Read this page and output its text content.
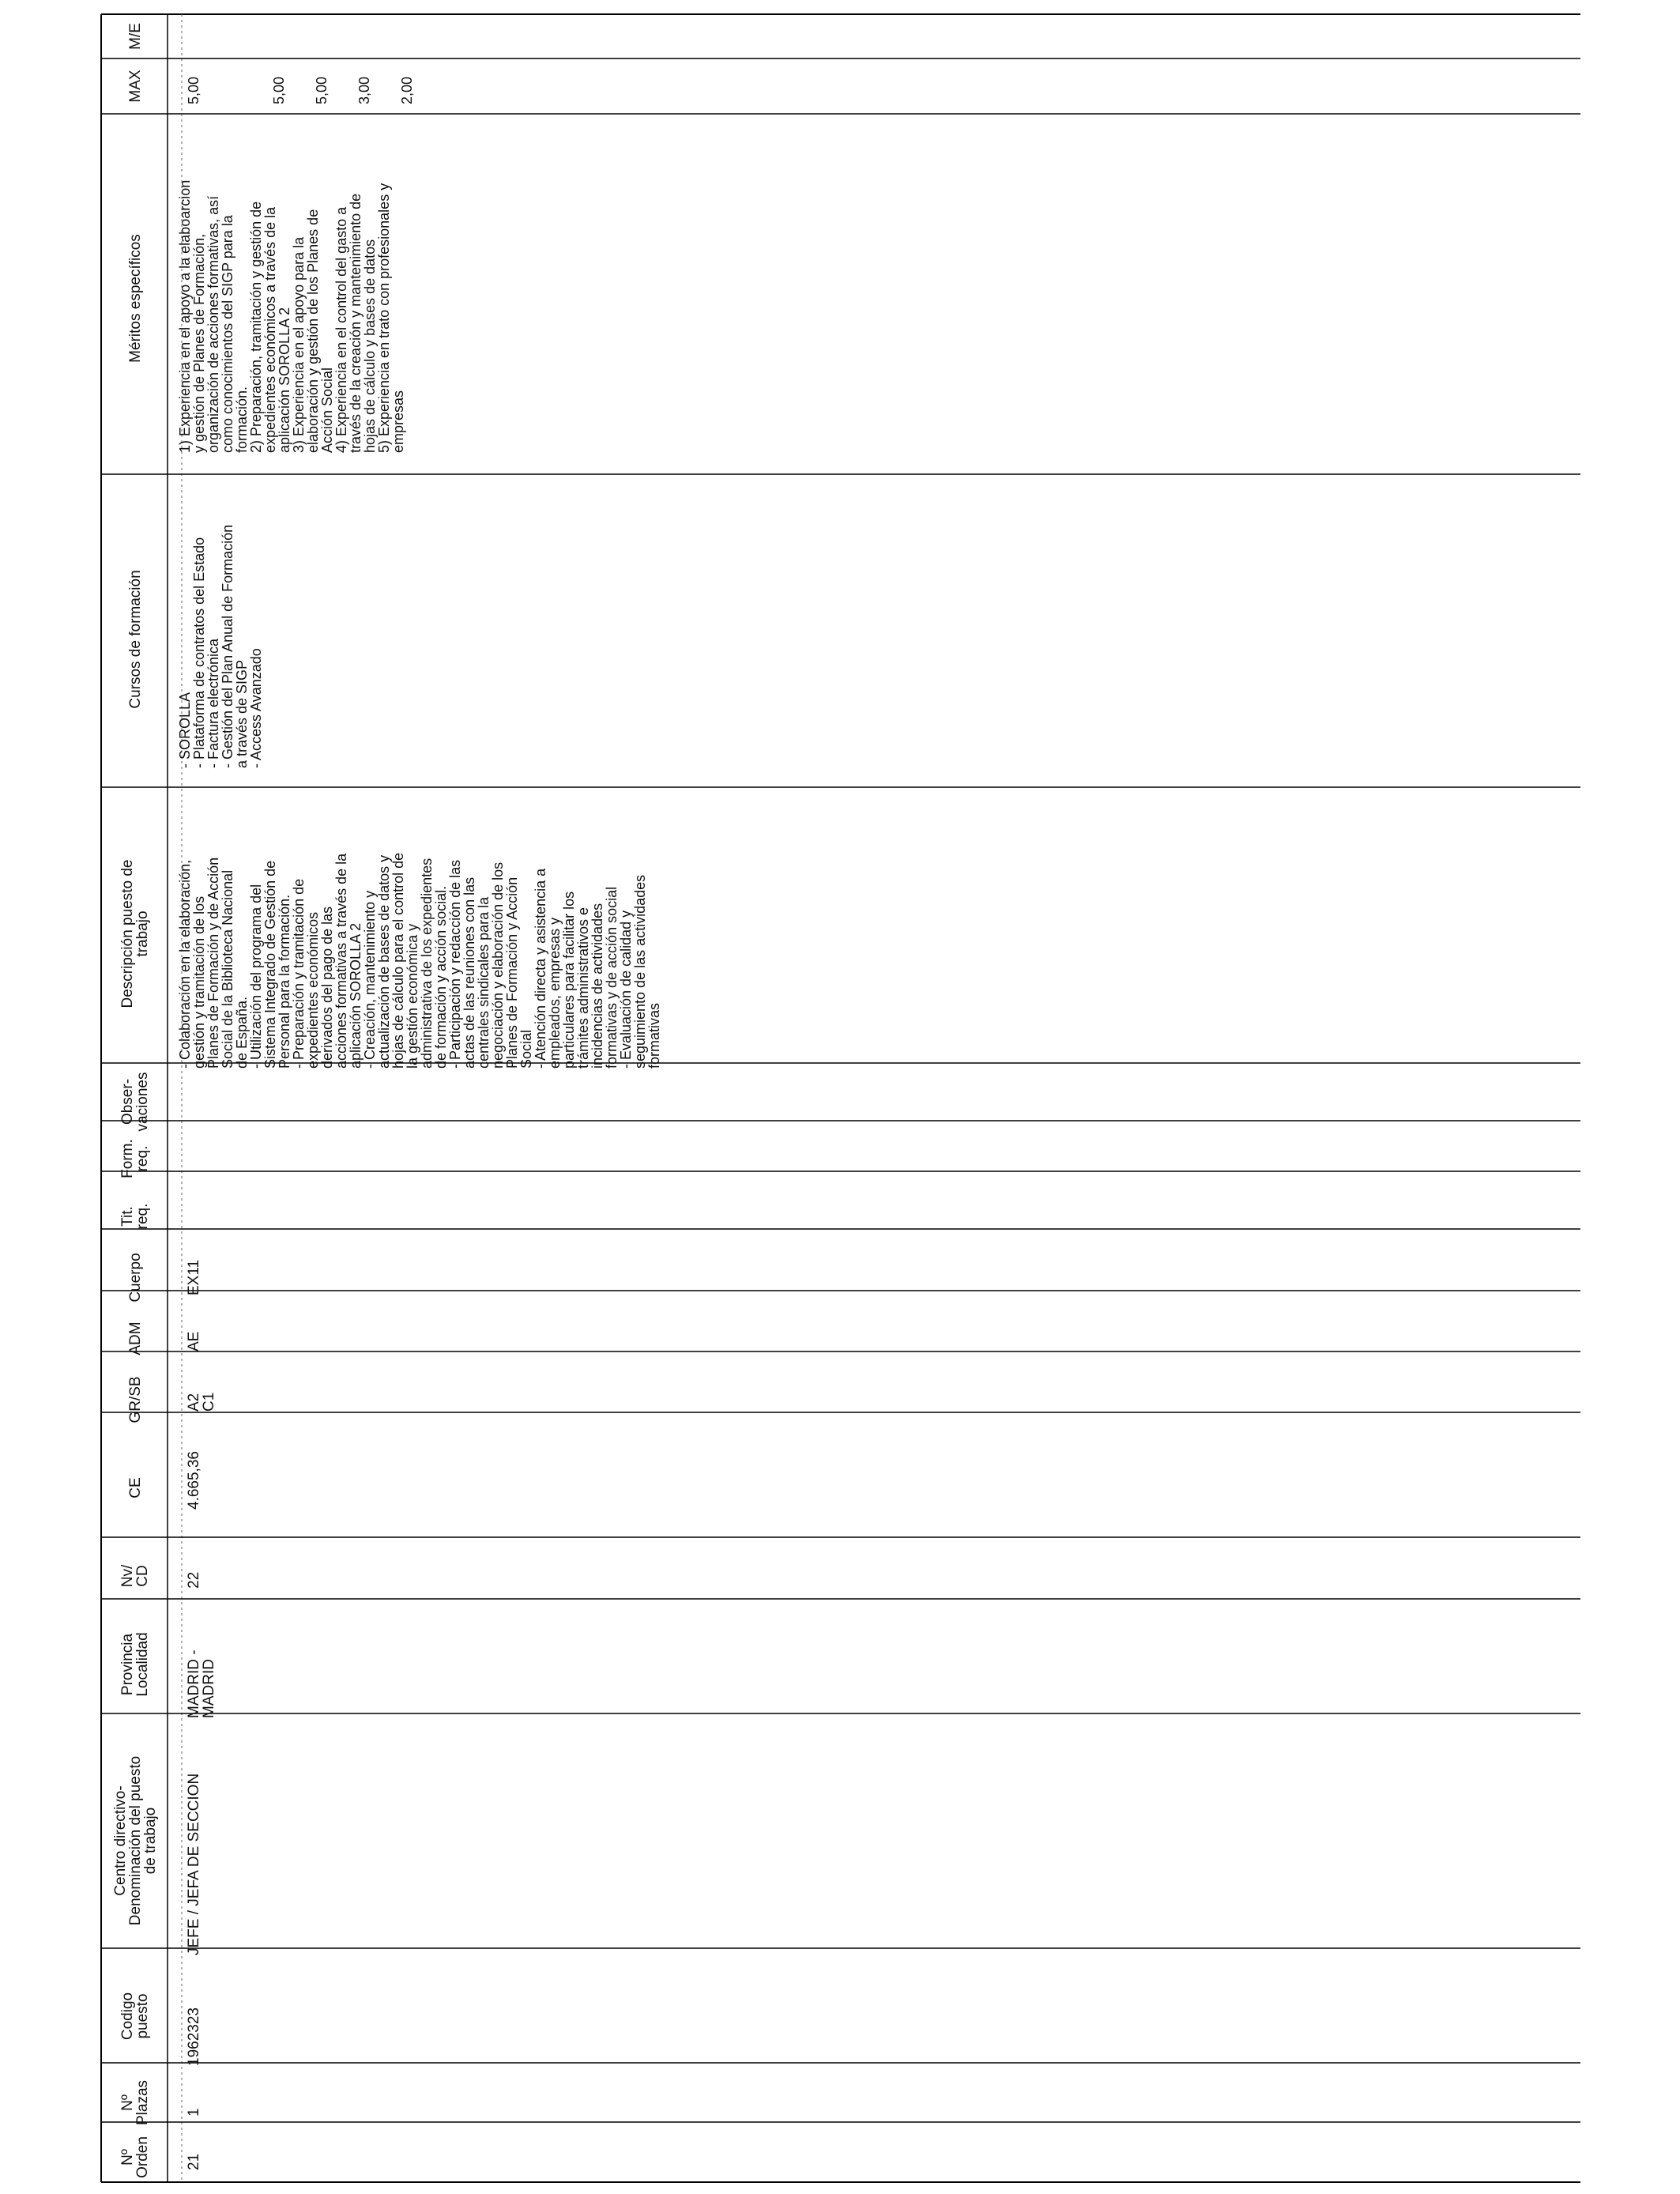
Nº
Orden
Nº
Plazas
Codigo
puesto
Centro directivo-
Denominación del puesto
de trabajo
Provincia
Localidad
Nv/
CD
CE
GR/SB
ADM
Cuerpo
Tit.
req.
Form.
req.
Obser-
vaciones
Descripción puesto de
trabajo
Cursos de formación
Méritos específicos
MAX
M/E
21
1
1962323
JEFE / JEFA DE SECCION
MADRID -
MADRID
22
4.665,36
A2
C1
AE
EX11
- Colaboración en la elaboración,
gestión y tramitación de los
Planes de Formación y de Acción
Social de la Biblioteca Nacional
de España.
- Utilización del programa del
Sistema Integrado de Gestión de
Personal para la formación.
- Preparación y tramitación de
expedientes económicos
derivados del pago de las
acciones formativas a través de la
aplicación SOROLLA 2
- Creación, mantenimiento y
actualización de bases de datos y
hojas de cálculo para el control de
la gestión económica y
administrativa de los expedientes
de formación y acción social.
- Participación y redacción de las
actas de las reuniones con las
centrales sindicales para la
negociación y elaboración de los
Planes de Formación y Acción
Social
- Atención directa y asistencia a
empleados, empresas y
particulares para facilitar los
trámites administrativos e
incidencias de actividades
formativas y de acción social
- Evaluación de calidad y
seguimiento de las actividades
formativas
- SOROLLA
- Plataforma de contratos del Estado
- Factura electrónica
- Gestión del Plan Anual de Formación
a través de SIGP
- Access Avanzado
1) Experiencia en el apoyo a la elaboarcion
y gestión de Planes de Formación,
organización de acciones formativas, así
como conocimientos del SIGP para la
formación.
2) Preparación, tramitación y gestión de
expedientes económicos a través de la
aplicación SOROLLA 2
3) Experiencia en el apoyo para la
elaboración y gestión de los Planes de
Acción Social
4) Experiencia en el control del gasto a
través de la creación y mantenimiento de
hojas de cálculo y bases de datos
5) Experiencia en trato con profesionales y
empresas
5,00	5,00 5,00 3,00 2,00
